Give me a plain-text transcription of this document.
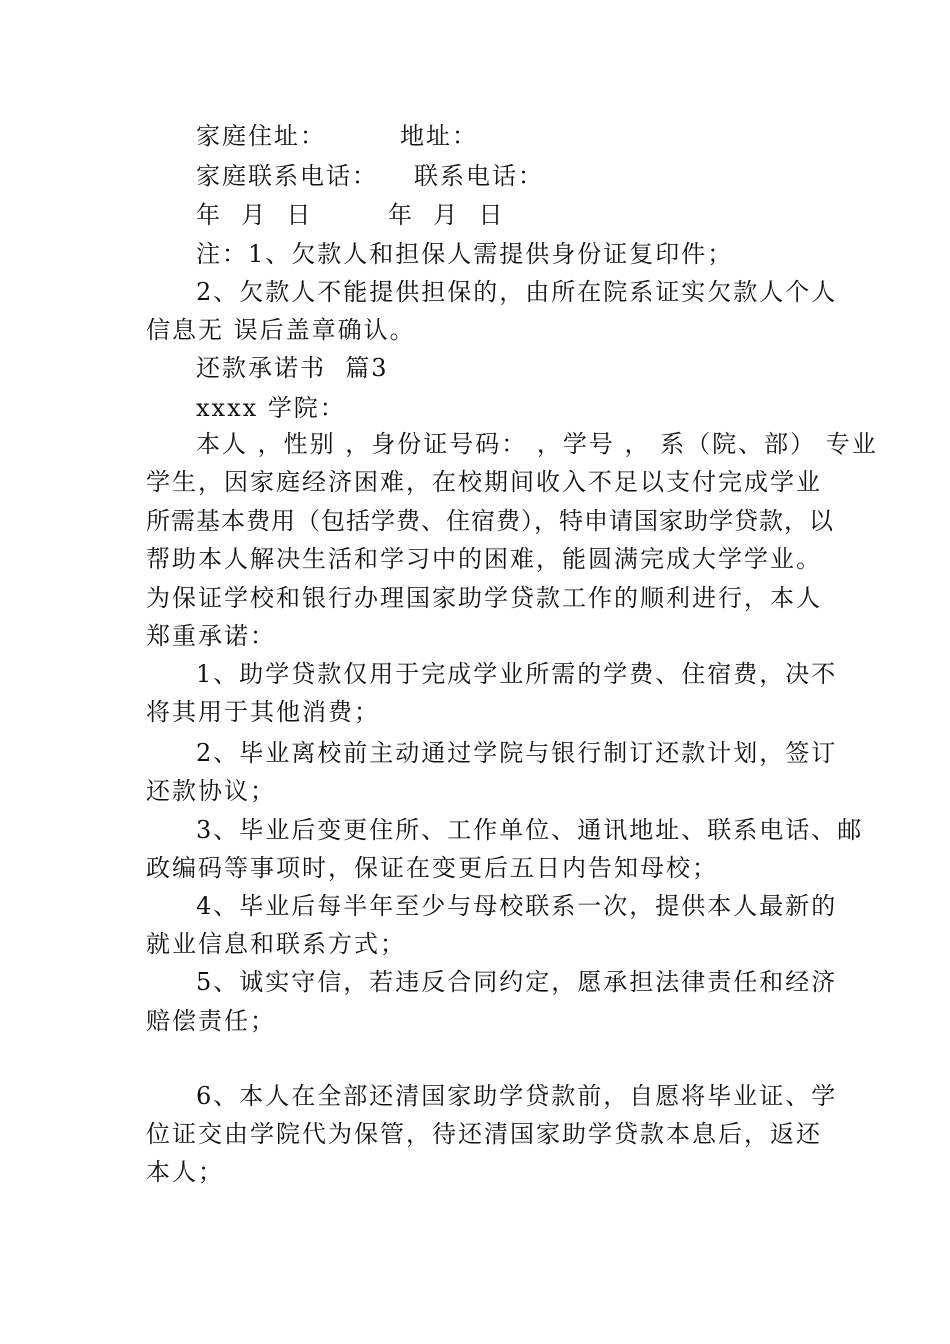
家庭住址：	地址：
家庭联系电话： 联系电话：
年  月  日	年  月  日
注：1、欠款人和担保人需提供身份证复印件；
2、欠款人不能提供担保的，由所在院系证实欠款人个人
信息无 误后盖章确认。
还款承诺书  篇3
xxxx 学院：
本人 ，性别 ，身份证号码： ，学号 ， 系（院、部） 专业
学生，因家庭经济困难，在校期间收入不足以支付完成学业
所需基本费用（包括学费、住宿费），特申请国家助学贷款，以
帮助本人解决生活和学习中的困难，能圆满完成大学学业。
为保证学校和银行办理国家助学贷款工作的顺利进行，本人
郑重承诺：
1、助学贷款仅用于完成学业所需的学费、住宿费，决不
将其用于其他消费；
2、毕业离校前主动通过学院与银行制订还款计划，签订
还款协议；
3、毕业后变更住所、工作单位、通讯地址、联系电话、邮
政编码等事项时，保证在变更后五日内告知母校；
4、毕业后每半年至少与母校联系一次，提供本人最新的
就业信息和联系方式；
5、诚实守信，若违反合同约定，愿承担法律责任和经济
赔偿责任；
6、本人在全部还清国家助学贷款前，自愿将毕业证、学
位证交由学院代为保管，待还清国家助学贷款本息后，返还
本人；
